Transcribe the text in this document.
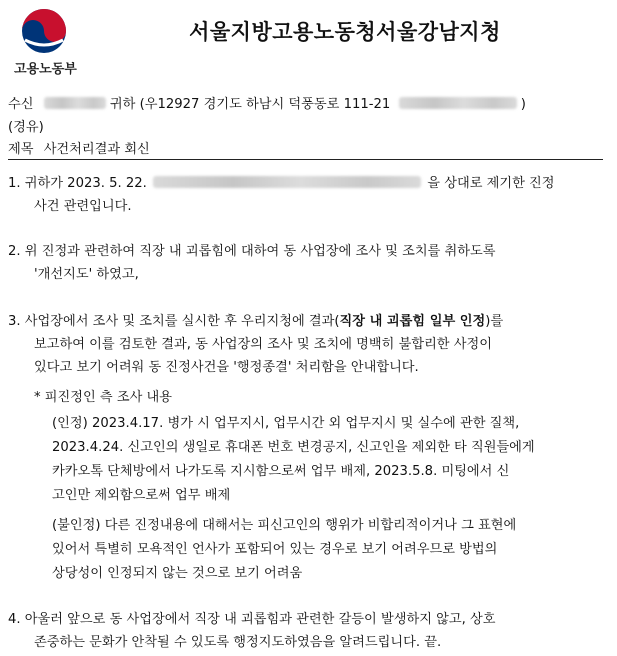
고용노동부
서울지방고용노동청서울강남지청
수신	귀하 (우12927 경기도 하남시 덕풍동로 111-21	)
(경유)
제목 사건처리결과 회신
1. 귀하가 2023. 5. 22.	을 상대로 제기한 진정
사건 관련입니다.
2. 위 진정과 관련하여 직장 내 괴롭힘에 대하여 동 사업장에 조사 및 조치를 취하도록
'개선지도' 하였고,
3. 사업장에서 조사 및 조치를 실시한 후 우리지청에 결과(직장 내 괴롭힘 일부 인정)를
보고하여 이를 검토한 결과, 동 사업장의 조사 및 조치에 명백히 불합리한 사정이
있다고 보기 어려워 동 진정사건을 '행정종결' 처리함을 안내합니다.
* 피진정인 측 조사 내용
(인정) 2023.4.17. 병가 시 업무지시, 업무시간 외 업무지시 및 실수에 관한 질책,
2023.4.24. 신고인의 생일로 휴대폰 번호 변경공지, 신고인을 제외한 타 직원들에게
카카오톡 단체방에서 나가도록 지시함으로써 업무 배제, 2023.5.8. 미팅에서 신
고인만 제외함으로써 업무 배제
(불인정) 다른 진정내용에 대해서는 피신고인의 행위가 비합리적이거나 그 표현에
있어서 특별히 모욕적인 언사가 포함되어 있는 경우로 보기 어려우므로 방법의
상당성이 인정되지 않는 것으로 보기 어려움
4. 아울러 앞으로 동 사업장에서 직장 내 괴롭힘과 관련한 갈등이 발생하지 않고, 상호
존중하는 문화가 안착될 수 있도록 행정지도하였음을 알려드립니다. 끝.
